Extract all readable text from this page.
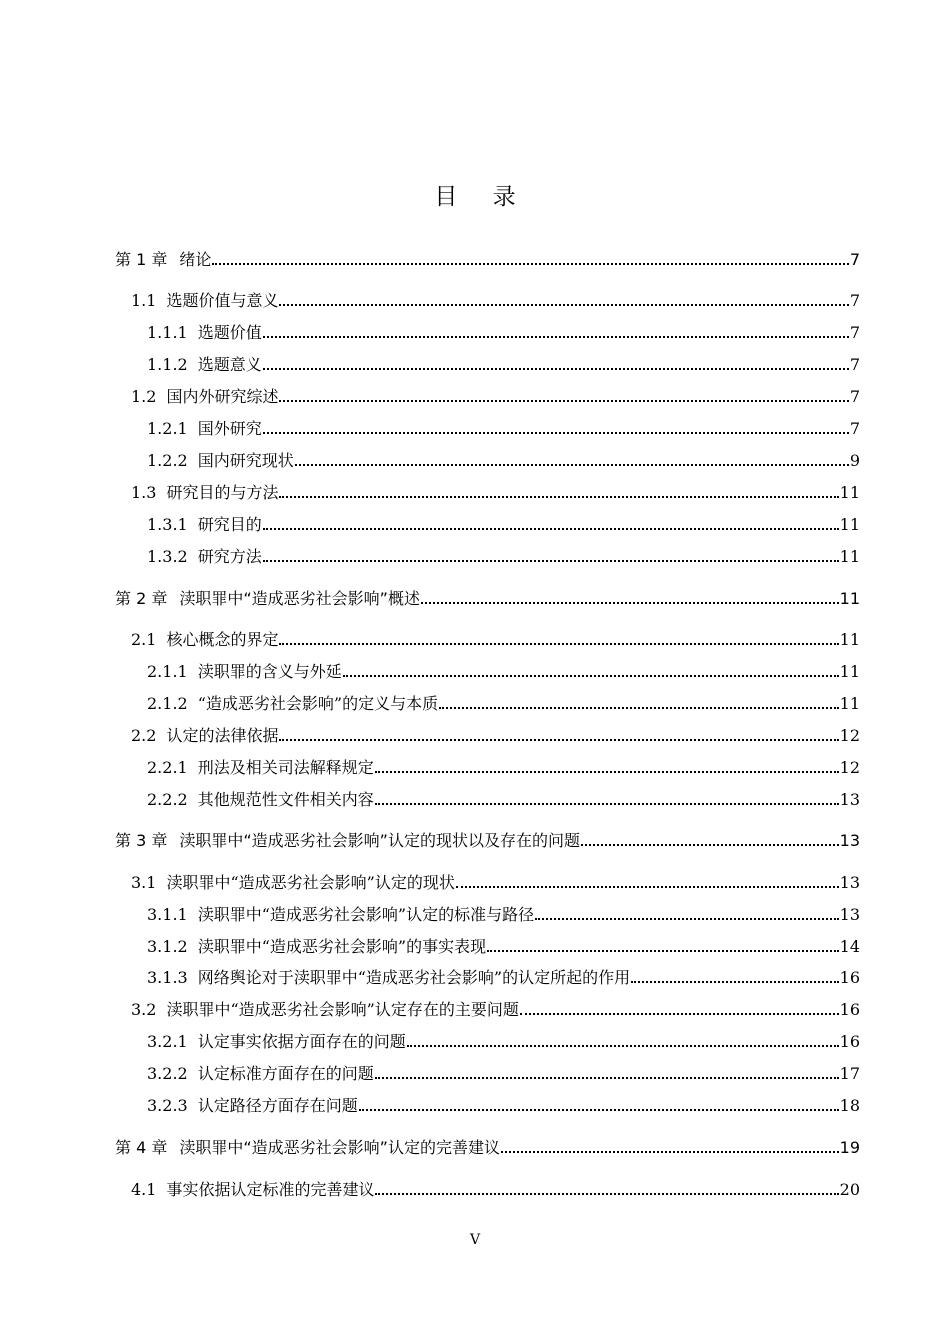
目 录
第 1 章 绪论	7
1.1 选题价值与意义	7
1.1.1 选题价值	7
1.1.2 选题意义	7
1.2 国内外研究综述	7
1.2.1 国外研究	7
1.2.2 国内研究现状	9
1.3 研究目的与方法	11
1.3.1 研究目的	11
1.3.2 研究方法	11
第 2 章 渎职罪中“造成恶劣社会影响”概述	11
2.1 核心概念的界定	11
2.1.1 渎职罪的含义与外延	11
2.1.2 “造成恶劣社会影响”的定义与本质	11
2.2 认定的法律依据	12
2.2.1 刑法及相关司法解释规定	12
2.2.2 其他规范性文件相关内容	13
第 3 章 渎职罪中“造成恶劣社会影响”认定的现状以及存在的问题	13
3.1 渎职罪中“造成恶劣社会影响”认定的现状	13
3.1.1 渎职罪中“造成恶劣社会影响”认定的标准与路径	13
3.1.2 渎职罪中“造成恶劣社会影响”的事实表现	14
3.1.3 网络舆论对于渎职罪中“造成恶劣社会影响”的认定所起的作用	16
3.2 渎职罪中“造成恶劣社会影响”认定存在的主要问题	16
3.2.1 认定事实依据方面存在的问题	16
3.2.2 认定标准方面存在的问题	17
3.2.3 认定路径方面存在问题	18
第 4 章 渎职罪中“造成恶劣社会影响”认定的完善建议	19
4.1 事实依据认定标准的完善建议	20
V
